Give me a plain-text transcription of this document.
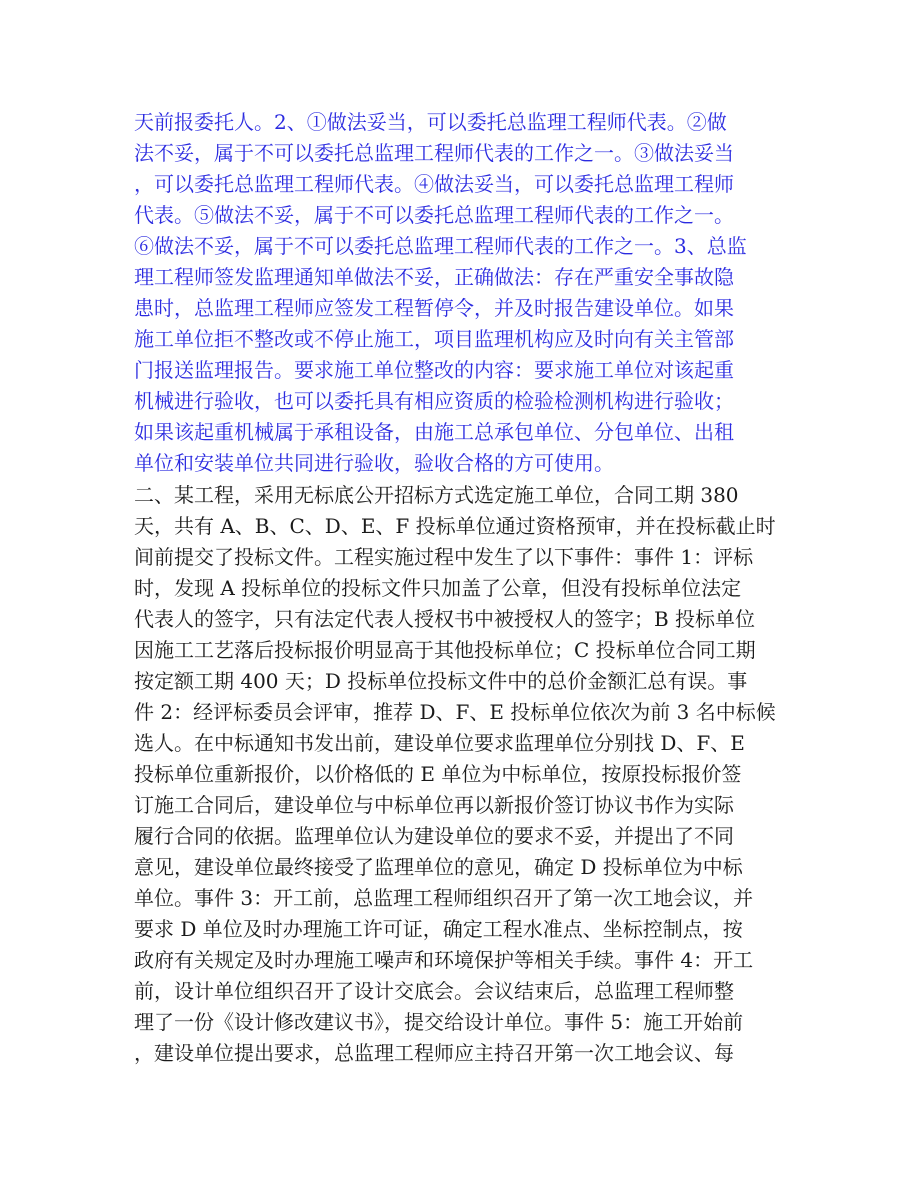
天前报委托人。2、①做法妥当，可以委托总监理工程师代表。②做
法不妥，属于不可以委托总监理工程师代表的工作之一。③做法妥当
，可以委托总监理工程师代表。④做法妥当，可以委托总监理工程师
代表。⑤做法不妥，属于不可以委托总监理工程师代表的工作之一。
⑥做法不妥，属于不可以委托总监理工程师代表的工作之一。3、总监
理工程师签发监理通知单做法不妥，正确做法：存在严重安全事故隐
患时，总监理工程师应签发工程暂停令，并及时报告建设单位。如果
施工单位拒不整改或不停止施工，项目监理机构应及时向有关主管部
门报送监理报告。要求施工单位整改的内容：要求施工单位对该起重
机械进行验收，也可以委托具有相应资质的检验检测机构进行验收；
如果该起重机械属于承租设备，由施工总承包单位、分包单位、出租
单位和安装单位共同进行验收，验收合格的方可使用。
二、某工程，采用无标底公开招标方式选定施工单位，合同工期 380
天，共有 A、B、C、D、E、F 投标单位通过资格预审，并在投标截止时
间前提交了投标文件。工程实施过程中发生了以下事件：事件 1：评标
时，发现 A 投标单位的投标文件只加盖了公章，但没有投标单位法定
代表人的签字，只有法定代表人授权书中被授权人的签字；B 投标单位
因施工工艺落后投标报价明显高于其他投标单位；C 投标单位合同工期
按定额工期 400 天；D 投标单位投标文件中的总价金额汇总有误。事
件 2：经评标委员会评审，推荐 D、F、E 投标单位依次为前 3 名中标候
选人。在中标通知书发出前，建设单位要求监理单位分别找 D、F、E
投标单位重新报价，以价格低的 E 单位为中标单位，按原投标报价签
订施工合同后，建设单位与中标单位再以新报价签订协议书作为实际
履行合同的依据。监理单位认为建设单位的要求不妥，并提出了不同
意见，建设单位最终接受了监理单位的意见，确定 D 投标单位为中标
单位。事件 3：开工前，总监理工程师组织召开了第一次工地会议，并
要求 D 单位及时办理施工许可证，确定工程水准点、坐标控制点，按
政府有关规定及时办理施工噪声和环境保护等相关手续。事件 4：开工
前，设计单位组织召开了设计交底会。会议结束后，总监理工程师整
理了一份《设计修改建议书》，提交给设计单位。事件 5：施工开始前
，建设单位提出要求，总监理工程师应主持召开第一次工地会议、每
